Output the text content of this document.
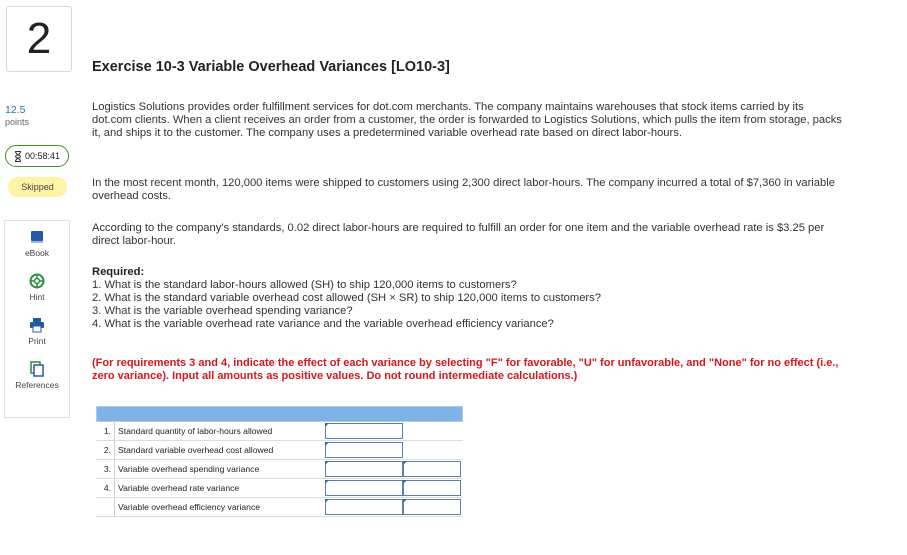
2
12.5
points
00:58:41
Skipped
eBook
Hint
Print
References
Exercise 10-3 Variable Overhead Variances [LO10-3]
Logistics Solutions provides order fulfillment services for dot.com merchants. The company maintains warehouses that stock items carried by its dot.com clients. When a client receives an order from a customer, the order is forwarded to Logistics Solutions, which pulls the item from storage, packs it, and ships it to the customer. The company uses a predetermined variable overhead rate based on direct labor-hours.
In the most recent month, 120,000 items were shipped to customers using 2,300 direct labor-hours. The company incurred a total of $7,360 in variable overhead costs.
According to the company's standards, 0.02 direct labor-hours are required to fulfill an order for one item and the variable overhead rate is $3.25 per direct labor-hour.
Required:
1. What is the standard labor-hours allowed (SH) to ship 120,000 items to customers?
2. What is the standard variable overhead cost allowed (SH × SR) to ship 120,000 items to customers?
3. What is the variable overhead spending variance?
4. What is the variable overhead rate variance and the variable overhead efficiency variance?
(For requirements 3 and 4, indicate the effect of each variance by selecting "F" for favorable, "U" for unfavorable, and "None" for no effect (i.e., zero variance). Input all amounts as positive values. Do not round intermediate calculations.)
1. Standard quantity of labor-hours allowed
2. Standard variable overhead cost allowed
3. Variable overhead spending variance
4. Variable overhead rate variance
Variable overhead efficiency variance
